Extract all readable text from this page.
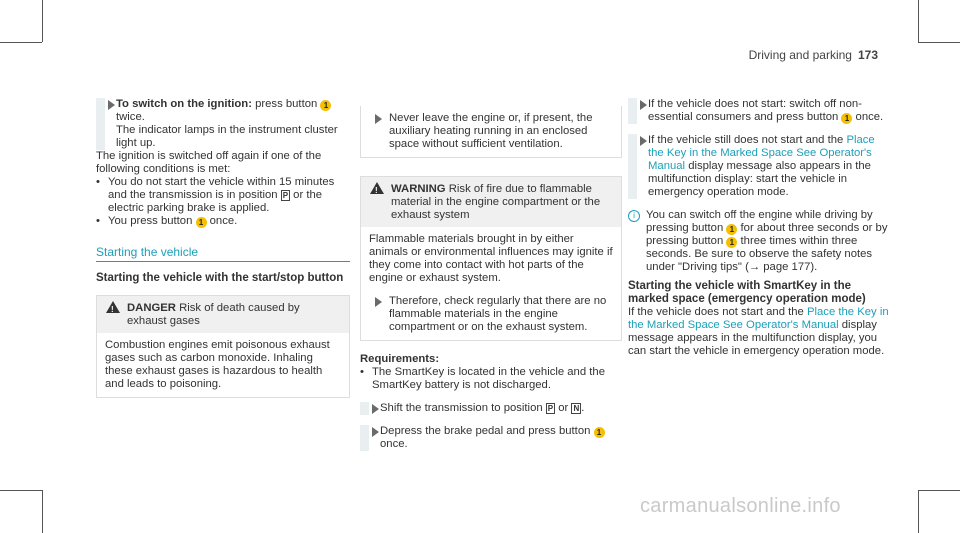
Driving and parking 173
To switch on the ignition: press button 1 twice.
The indicator lamps in the instrument cluster light up.
The ignition is switched off again if one of the following conditions is met:
• You do not start the vehicle within 15 minutes and the transmission is in position P or the electric parking brake is applied.
• You press button 1 once.
Starting the vehicle
Starting the vehicle with the start/stop button
!
DANGER Risk of death caused by exhaust gases
Combustion engines emit poisonous exhaust gases such as carbon monoxide. Inhaling these exhaust gases is hazardous to health and leads to poisoning.
Never leave the engine or, if present, the auxiliary heating running in an enclosed space without sufficient ventilation.
!
WARNING Risk of fire due to flammable material in the engine compartment or the exhaust system
Flammable materials brought in by either animals or environmental influences may ignite if they come into contact with hot parts of the engine or exhaust system.
Therefore, check regularly that there are no flammable materials in the engine compartment or on the exhaust system.
Requirements:
• The SmartKey is located in the vehicle and the SmartKey battery is not discharged.
Shift the transmission to position P or N .
Depress the brake pedal and press button 1 once.
If the vehicle does not start: switch off non-essential consumers and press button 1 once.
If the vehicle still does not start and the Place the Key in the Marked Space See Operator's Manual display message also appears in the multifunction display: start the vehicle in emergency operation mode.
i You can switch off the engine while driving by pressing button 1 for about three seconds or by pressing button 1 three times within three seconds. Be sure to observe the safety notes under "Driving tips" (→ page 177).
Starting the vehicle with SmartKey in the marked space (emergency operation mode)
If the vehicle does not start and the Place the Key in the Marked Space See Operator's Manual display message appears in the multifunction display, you can start the vehicle in emergency operation mode.
carmanualsonline.info
